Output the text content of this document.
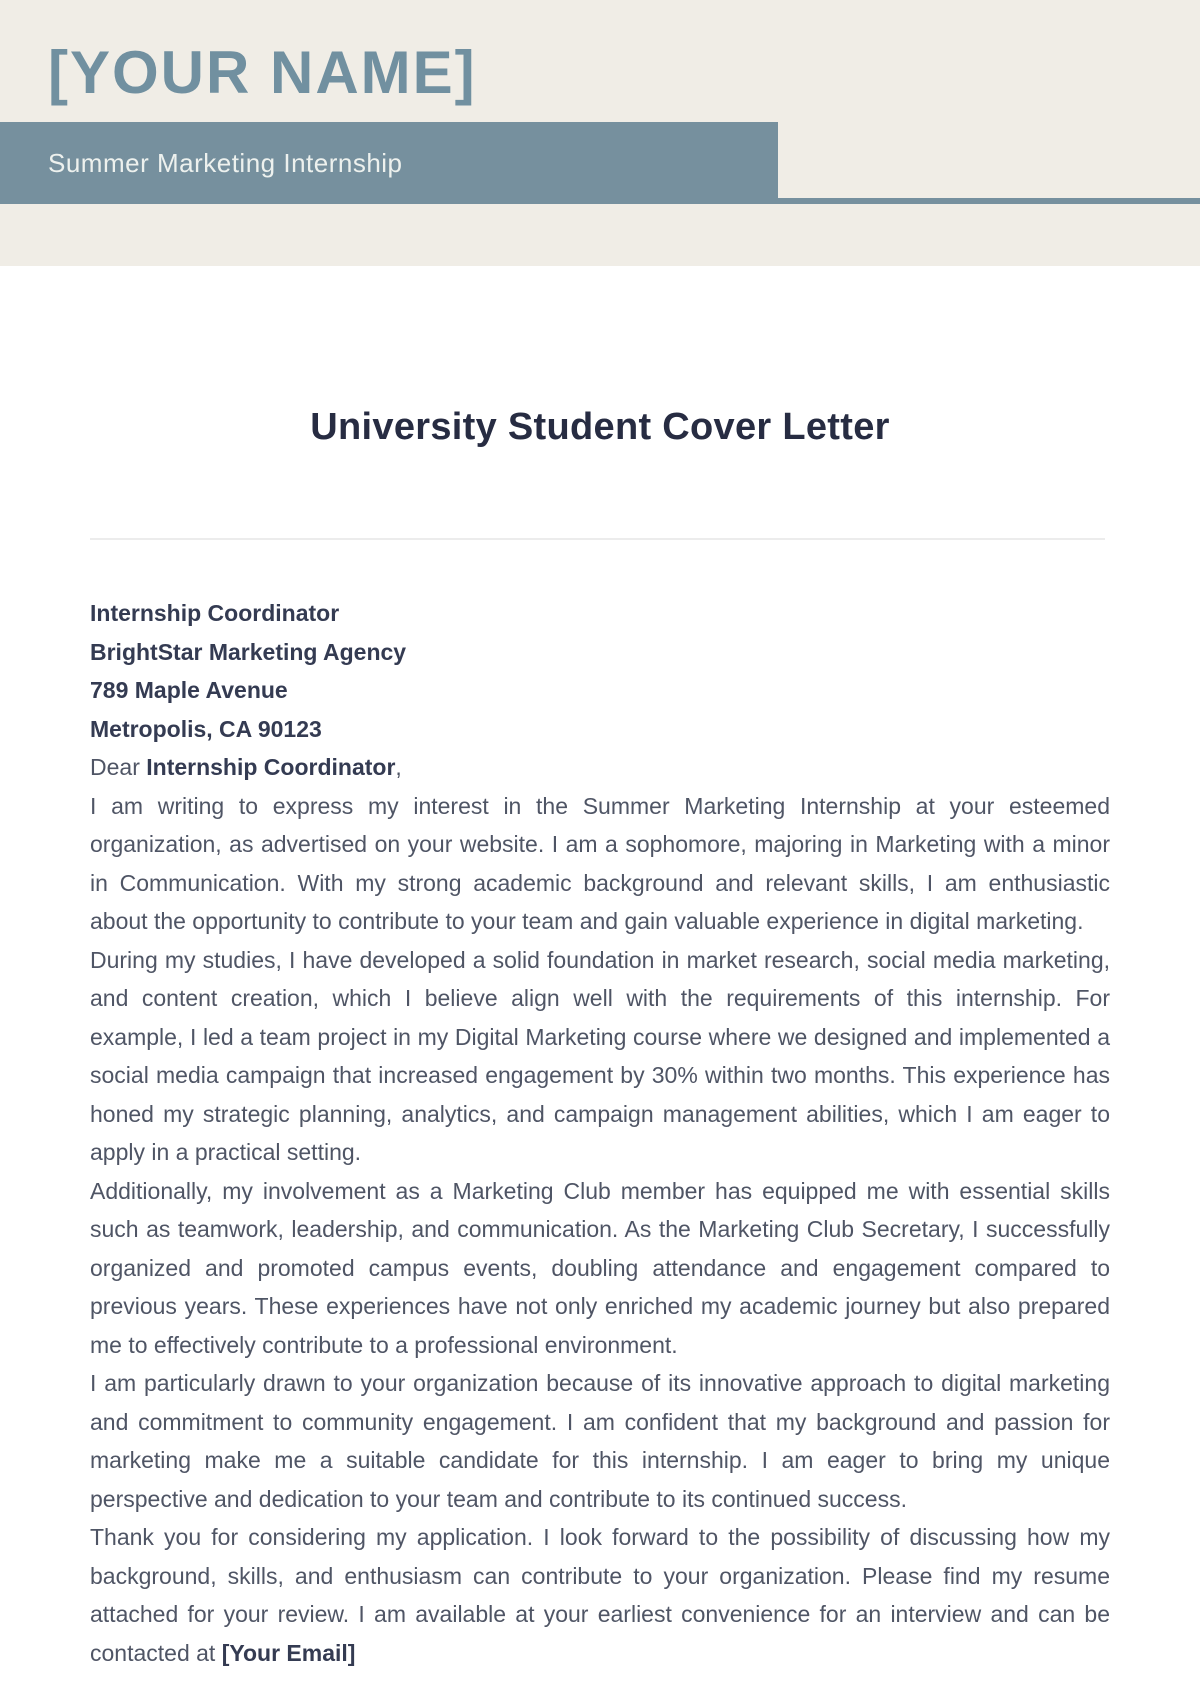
[YOUR NAME]
Summer Marketing Internship
University Student Cover Letter
Internship Coordinator
BrightStar Marketing Agency
789 Maple Avenue
Metropolis, CA 90123

Dear Internship Coordinator,

I am writing to express my interest in the Summer Marketing Internship at your esteemed organization, as advertised on your website. I am a sophomore, majoring in Marketing with a minor in Communication. With my strong academic background and relevant skills, I am enthusiastic about the opportunity to contribute to your team and gain valuable experience in digital marketing.

During my studies, I have developed a solid foundation in market research, social media marketing, and content creation, which I believe align well with the requirements of this internship. For example, I led a team project in my Digital Marketing course where we designed and implemented a social media campaign that increased engagement by 30% within two months. This experience has honed my strategic planning, analytics, and campaign management abilities, which I am eager to apply in a practical setting.

Additionally, my involvement as a Marketing Club member has equipped me with essential skills such as teamwork, leadership, and communication. As the Marketing Club Secretary, I successfully organized and promoted campus events, doubling attendance and engagement compared to previous years. These experiences have not only enriched my academic journey but also prepared me to effectively contribute to a professional environment.

I am particularly drawn to your organization because of its innovative approach to digital marketing and commitment to community engagement. I am confident that my background and passion for marketing make me a suitable candidate for this internship. I am eager to bring my unique perspective and dedication to your team and contribute to its continued success.

Thank you for considering my application. I look forward to the possibility of discussing how my background, skills, and enthusiasm can contribute to your organization. Please find my resume attached for your review. I am available at your earliest convenience for an interview and can be contacted at [Your Email]
